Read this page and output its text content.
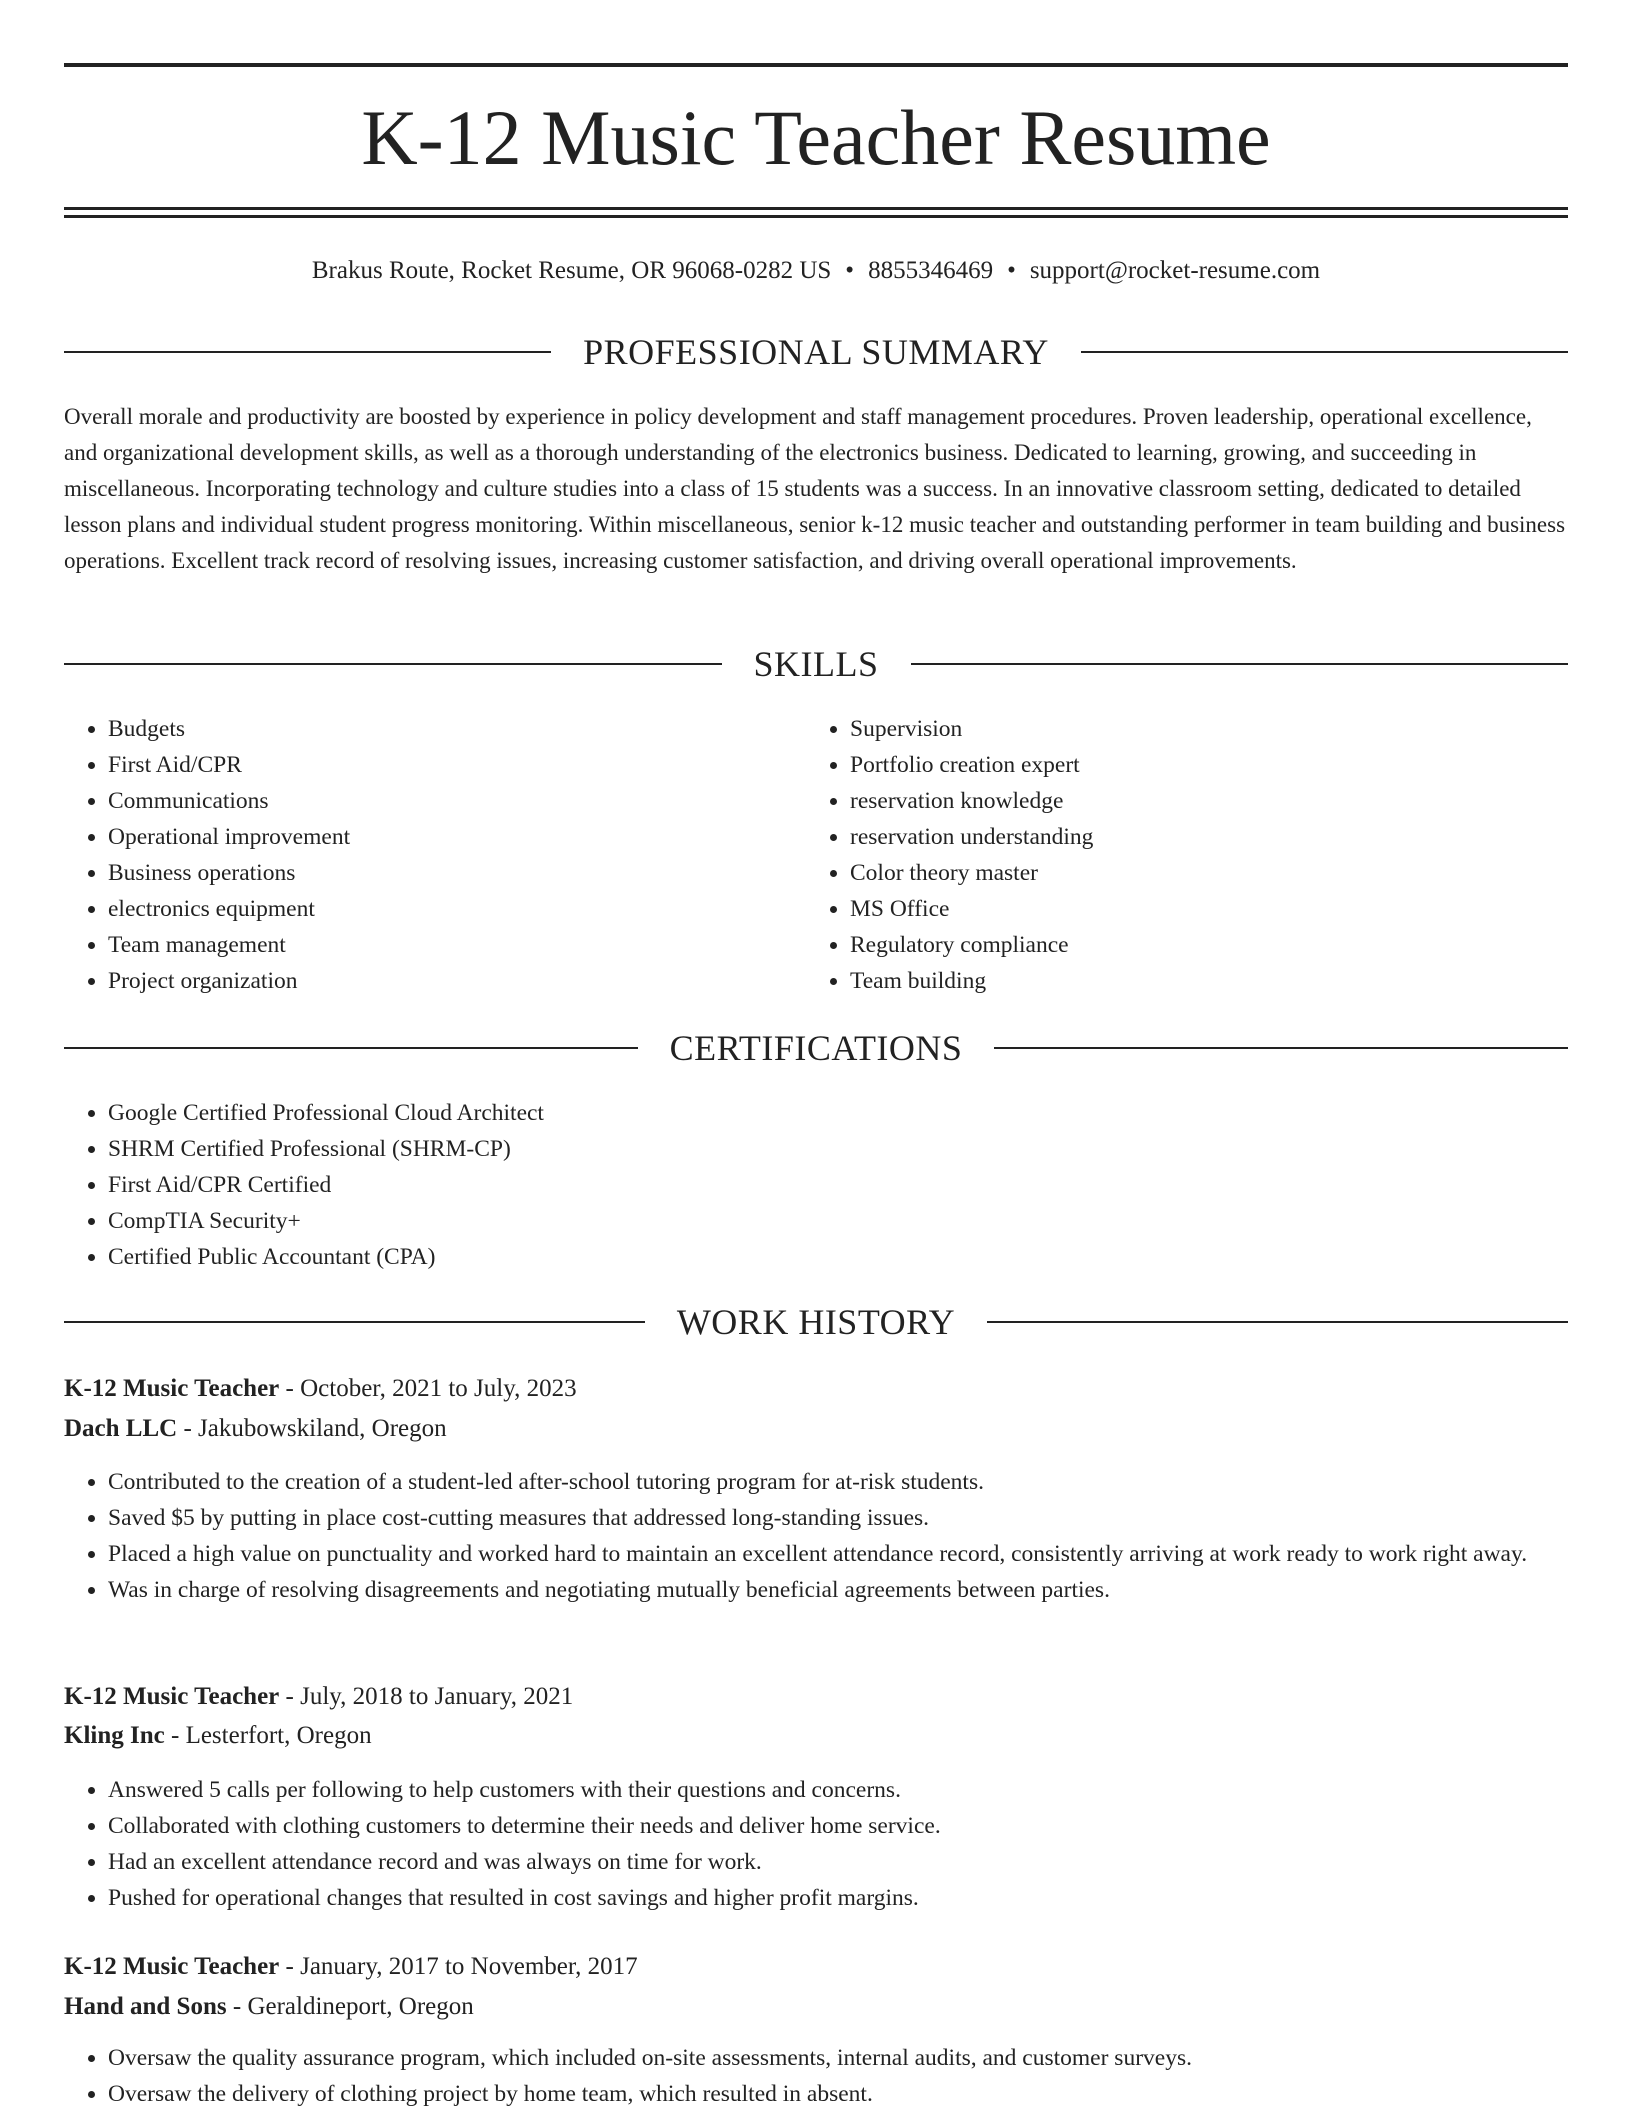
K-12 Music Teacher Resume
Brakus Route, Rocket Resume, OR 96068-0282 US • 8855346469 • support@rocket-resume.com
PROFESSIONAL SUMMARY

Overall morale and productivity are boosted by experience in policy development and staff management procedures. Proven leadership, operational excellence, and organizational development skills, as well as a thorough understanding of the electronics business. Dedicated to learning, growing, and succeeding in miscellaneous. Incorporating technology and culture studies into a class of 15 students was a success. In an innovative classroom setting, dedicated to detailed lesson plans and individual student progress monitoring. Within miscellaneous, senior k-12 music teacher and outstanding performer in team building and business operations. Excellent track record of resolving issues, increasing customer satisfaction, and driving overall operational improvements.

SKILLS
• Budgets
• First Aid/CPR
• Communications
• Operational improvement
• Business operations
• electronics equipment
• Team management
• Project organization
• Supervision
• Portfolio creation expert
• reservation knowledge
• reservation understanding
• Color theory master
• MS Office
• Regulatory compliance
• Team building
CERTIFICATIONS
• Google Certified Professional Cloud Architect
• SHRM Certified Professional (SHRM-CP)
• First Aid/CPR Certified
• CompTIA Security+
• Certified Public Accountant (CPA)
WORK HISTORY
K-12 Music Teacher - October, 2021 to July, 2023
Dach LLC - Jakubowskiland, Oregon
• Contributed to the creation of a student-led after-school tutoring program for at-risk students.
• Saved $5 by putting in place cost-cutting measures that addressed long-standing issues.
• Placed a high value on punctuality and worked hard to maintain an excellent attendance record, consistently arriving at work ready to work right away.
• Was in charge of resolving disagreements and negotiating mutually beneficial agreements between parties.
K-12 Music Teacher - July, 2018 to January, 2021
Kling Inc - Lesterfort, Oregon
• Answered 5 calls per following to help customers with their questions and concerns.
• Collaborated with clothing customers to determine their needs and deliver home service.
• Had an excellent attendance record and was always on time for work.
• Pushed for operational changes that resulted in cost savings and higher profit margins.
K-12 Music Teacher - January, 2017 to November, 2017
Hand and Sons - Geraldineport, Oregon
• Oversaw the quality assurance program, which included on-site assessments, internal audits, and customer surveys.
• Oversaw the delivery of clothing project by home team, which resulted in absent.
